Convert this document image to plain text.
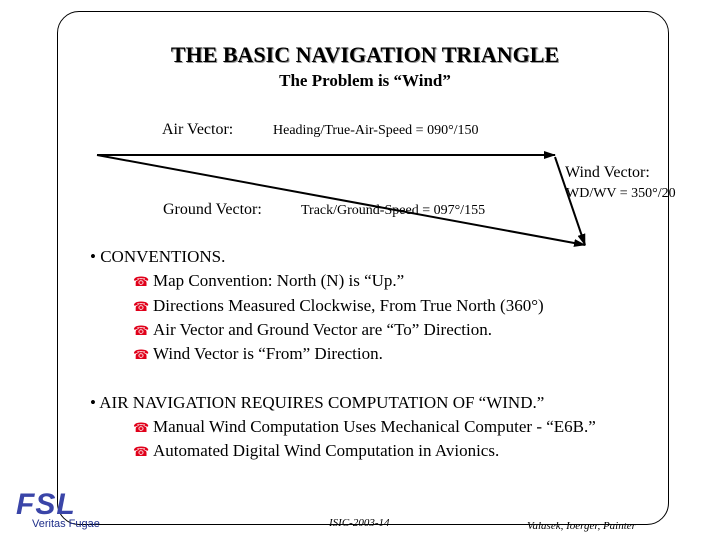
THE BASIC NAVIGATION TRIANGLE
The Problem is “Wind”
Air Vector:	Heading/True-Air-Speed = 090°/150
Wind Vector:
WD/WV = 350°/20
Ground Vector:	Track/Ground-Speed = 097°/155
• CONVENTIONS.
☎ Map Convention: North (N) is “Up.”
☎ Directions Measured Clockwise, From True North (360°)
☎ Air Vector and Ground Vector are “To” Direction.
☎ Wind Vector is “From” Direction.
• AIR NAVIGATION REQUIRES COMPUTATION OF “WIND.”
☎ Manual Wind Computation Uses Mechanical Computer - “E6B.”
☎ Automated Digital Wind Computation in Avionics.
FSL
Veritas Fugae	ISIC-2003-14	Valasek, Ioerger, Painter
